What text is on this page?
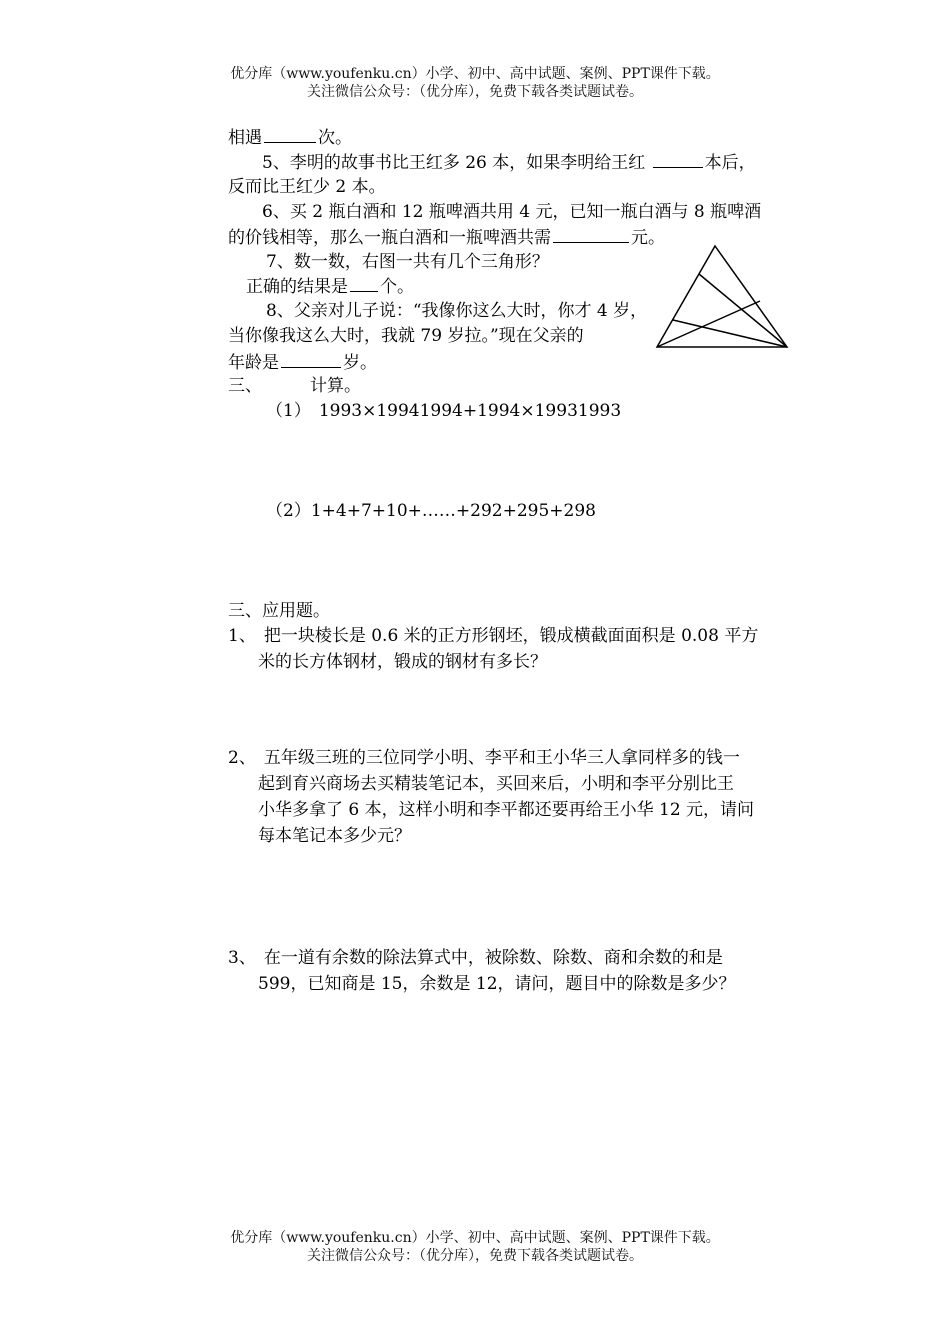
优分库（www.youfenku.cn）小学、初中、高中试题、案例、PPT课件下载。
关注微信公众号：（优分库），免费下载各类试题试卷。
相遇	次。
5、李明的故事书比王红多 26 本，如果李明给王红	本后，
反而比王红少 2 本。
6、买 2 瓶白酒和 12 瓶啤酒共用 4 元，已知一瓶白酒与 8 瓶啤酒
的价钱相等，那么一瓶白酒和一瓶啤酒共需	元。
7、数一数，右图一共有几个三角形？
正确的结果是 个。
8、父亲对儿子说：“我像你这么大时，你才 4 岁，
当你像我这么大时，我就 79 岁拉。”现在父亲的
年龄是	岁。
三、	计算。
（1） 1993×19941994+1994×19931993
（2）1+4+7+10+……+292+295+298
三、应用题。
1、 把一块棱长是 0.6 米的正方形钢坯，锻成横截面面积是 0.08 平方
米的长方体钢材，锻成的钢材有多长？
2、 五年级三班的三位同学小明、李平和王小华三人拿同样多的钱一
起到育兴商场去买精装笔记本，买回来后，小明和李平分别比王
小华多拿了 6 本，这样小明和李平都还要再给王小华 12 元，请问
每本笔记本多少元？
3、 在一道有余数的除法算式中，被除数、除数、商和余数的和是
599，已知商是 15，余数是 12，请问，题目中的除数是多少？
优分库（www.youfenku.cn）小学、初中、高中试题、案例、PPT课件下载。
关注微信公众号：（优分库），免费下载各类试题试卷。
